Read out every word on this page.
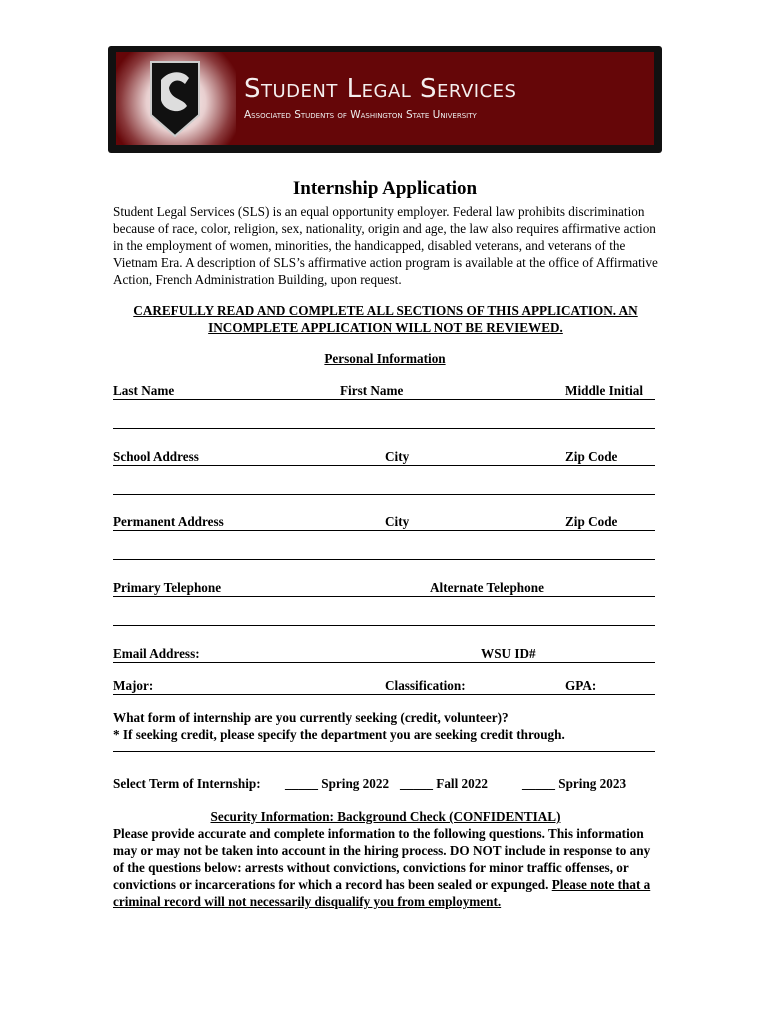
Student Legal Services
Associated Students of Washington State University
Internship Application
Student Legal Services (SLS) is an equal opportunity employer. Federal law prohibits discrimination because of race, color, religion, sex, nationality, origin and age, the law also requires affirmative action in the employment of women, minorities, the handicapped, disabled veterans, and veterans of the Vietnam Era. A description of SLS’s affirmative action program is available at the office of Affirmative Action, French Administration Building, upon request.
CAREFULLY READ AND COMPLETE ALL SECTIONS OF THIS APPLICATION. AN INCOMPLETE APPLICATION WILL NOT BE REVIEWED.
Personal Information
Last Name	First Name	Middle Initial
School Address	City	Zip Code
Permanent Address	City	Zip Code
Primary Telephone	Alternate Telephone
Email Address:	WSU ID#
Major:	Classification:	GPA:
What form of internship are you currently seeking (credit, volunteer)?
* If seeking credit, please specify the department you are seeking credit through.
Select Term of Internship: _____ Spring 2022 _____ Fall 2022	_____ Spring 2023
Security Information: Background Check (CONFIDENTIAL)
Please provide accurate and complete information to the following questions. This information may or may not be taken into account in the hiring process. DO NOT include in response to any of the questions below: arrests without convictions, convictions for minor traffic offenses, or convictions or incarcerations for which a record has been sealed or expunged. Please note that a criminal record will not necessarily disqualify you from employment.
